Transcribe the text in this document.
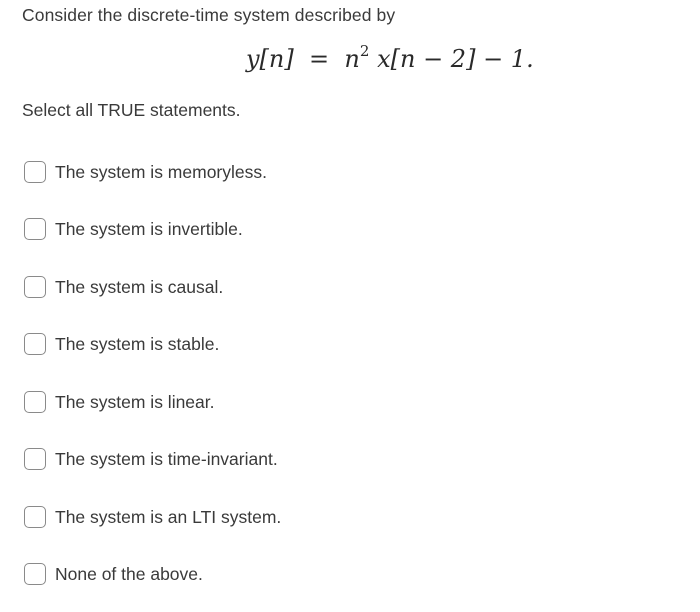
Consider the discrete-time system described by
$y[n] = n^2$ x[n − 2] − 1.
Select all TRUE statements.
The system is memoryless.
The system is invertible.
The system is causal.
The system is stable.
The system is linear.
The system is time-invariant.
The system is an LTI system.
None of the above.
